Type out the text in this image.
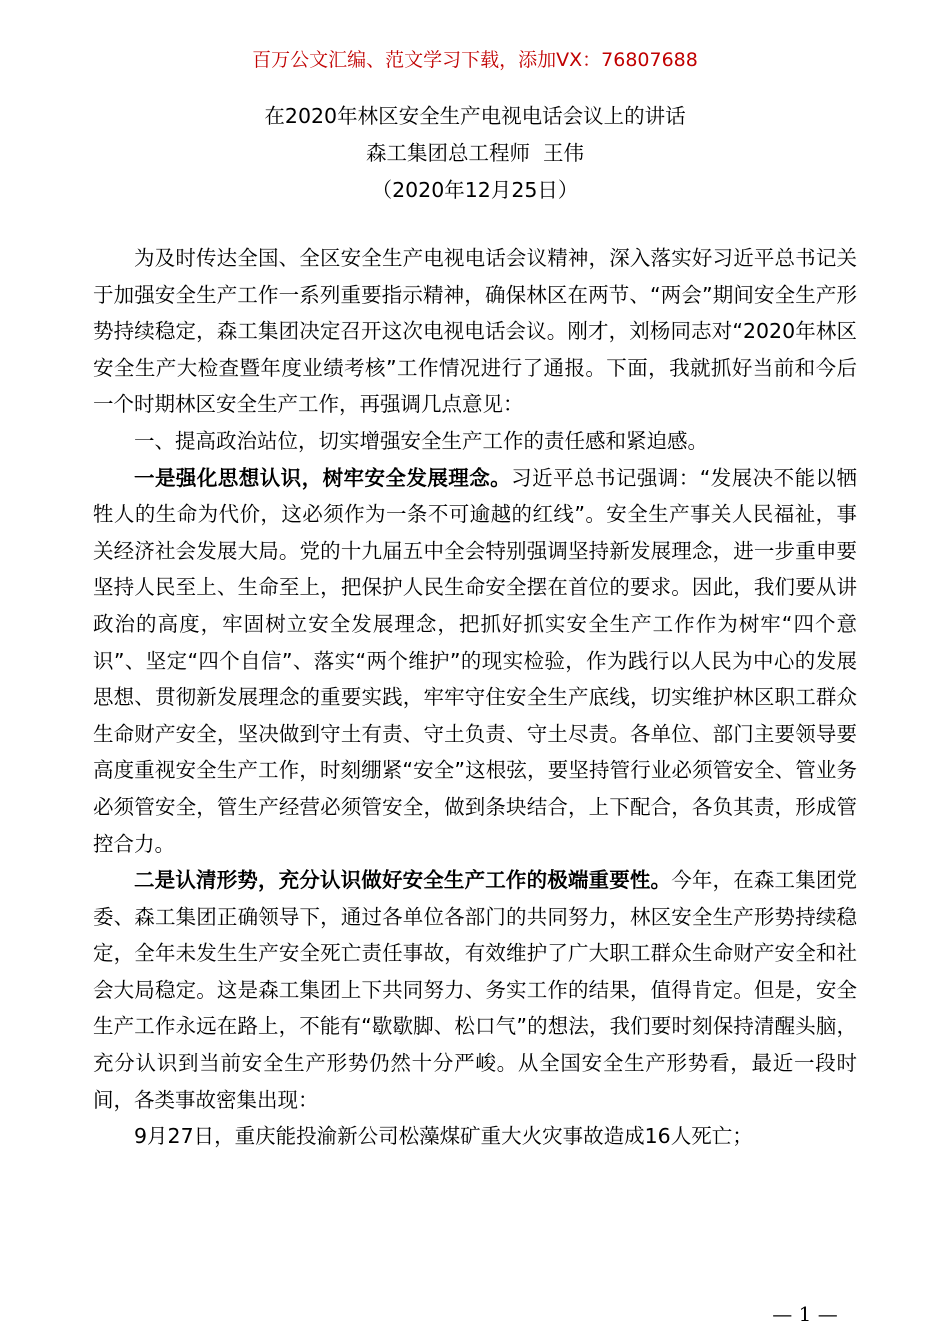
百万公文汇编、范文学习下载，添加VX：76807688
在2020年林区安全生产电视电话会议上的讲话
森工集团总工程师  王伟
（2020年12月25日）

为及时传达全国、全区安全生产电视电话会议精神，深入落实好习近平总书记关于加强安全生产工作一系列重要指示精神，确保林区在两节、“两会”期间安全生产形势持续稳定，森工集团决定召开这次电视电话会议。刚才，刘杨同志对“2020年林区安全生产大检查暨年度业绩考核”工作情况进行了通报。下面，我就抓好当前和今后一个时期林区安全生产工作，再强调几点意见：

一、提高政治站位，切实增强安全生产工作的责任感和紧迫感。

一是强化思想认识，树牢安全发展理念。习近平总书记强调：“发展决不能以牺牲人的生命为代价，这必须作为一条不可逾越的红线”。安全生产事关人民福祉，事关经济社会发展大局。党的十九届五中全会特别强调坚持新发展理念，进一步重申要坚持人民至上、生命至上，把保护人民生命安全摆在首位的要求。因此，我们要从讲政治的高度，牢固树立安全发展理念，把抓好抓实安全生产工作作为树牢“四个意识”、坚定“四个自信”、落实“两个维护”的现实检验，作为践行以人民为中心的发展思想、贯彻新发展理念的重要实践，牢牢守住安全生产底线，切实维护林区职工群众生命财产安全，坚决做到守土有责、守土负责、守土尽责。各单位、部门主要领导要高度重视安全生产工作，时刻绷紧“安全”这根弦，要坚持管行业必须管安全、管业务必须管安全，管生产经营必须管安全，做到条块结合，上下配合，各负其责，形成管控合力。

二是认清形势，充分认识做好安全生产工作的极端重要性。今年，在森工集团党委、森工集团正确领导下，通过各单位各部门的共同努力，林区安全生产形势持续稳定，全年未发生生产安全死亡责任事故，有效维护了广大职工群众生命财产安全和社会大局稳定。这是森工集团上下共同努力、务实工作的结果，值得肯定。但是，安全生产工作永远在路上，不能有“歇歇脚、松口气”的想法，我们要时刻保持清醒头脑，充分认识到当前安全生产形势仍然十分严峻。从全国安全生产形势看，最近一段时间，各类事故密集出现：

9月27日，重庆能投渝新公司松藻煤矿重大火灾事故造成16人死亡；

— 1 —
